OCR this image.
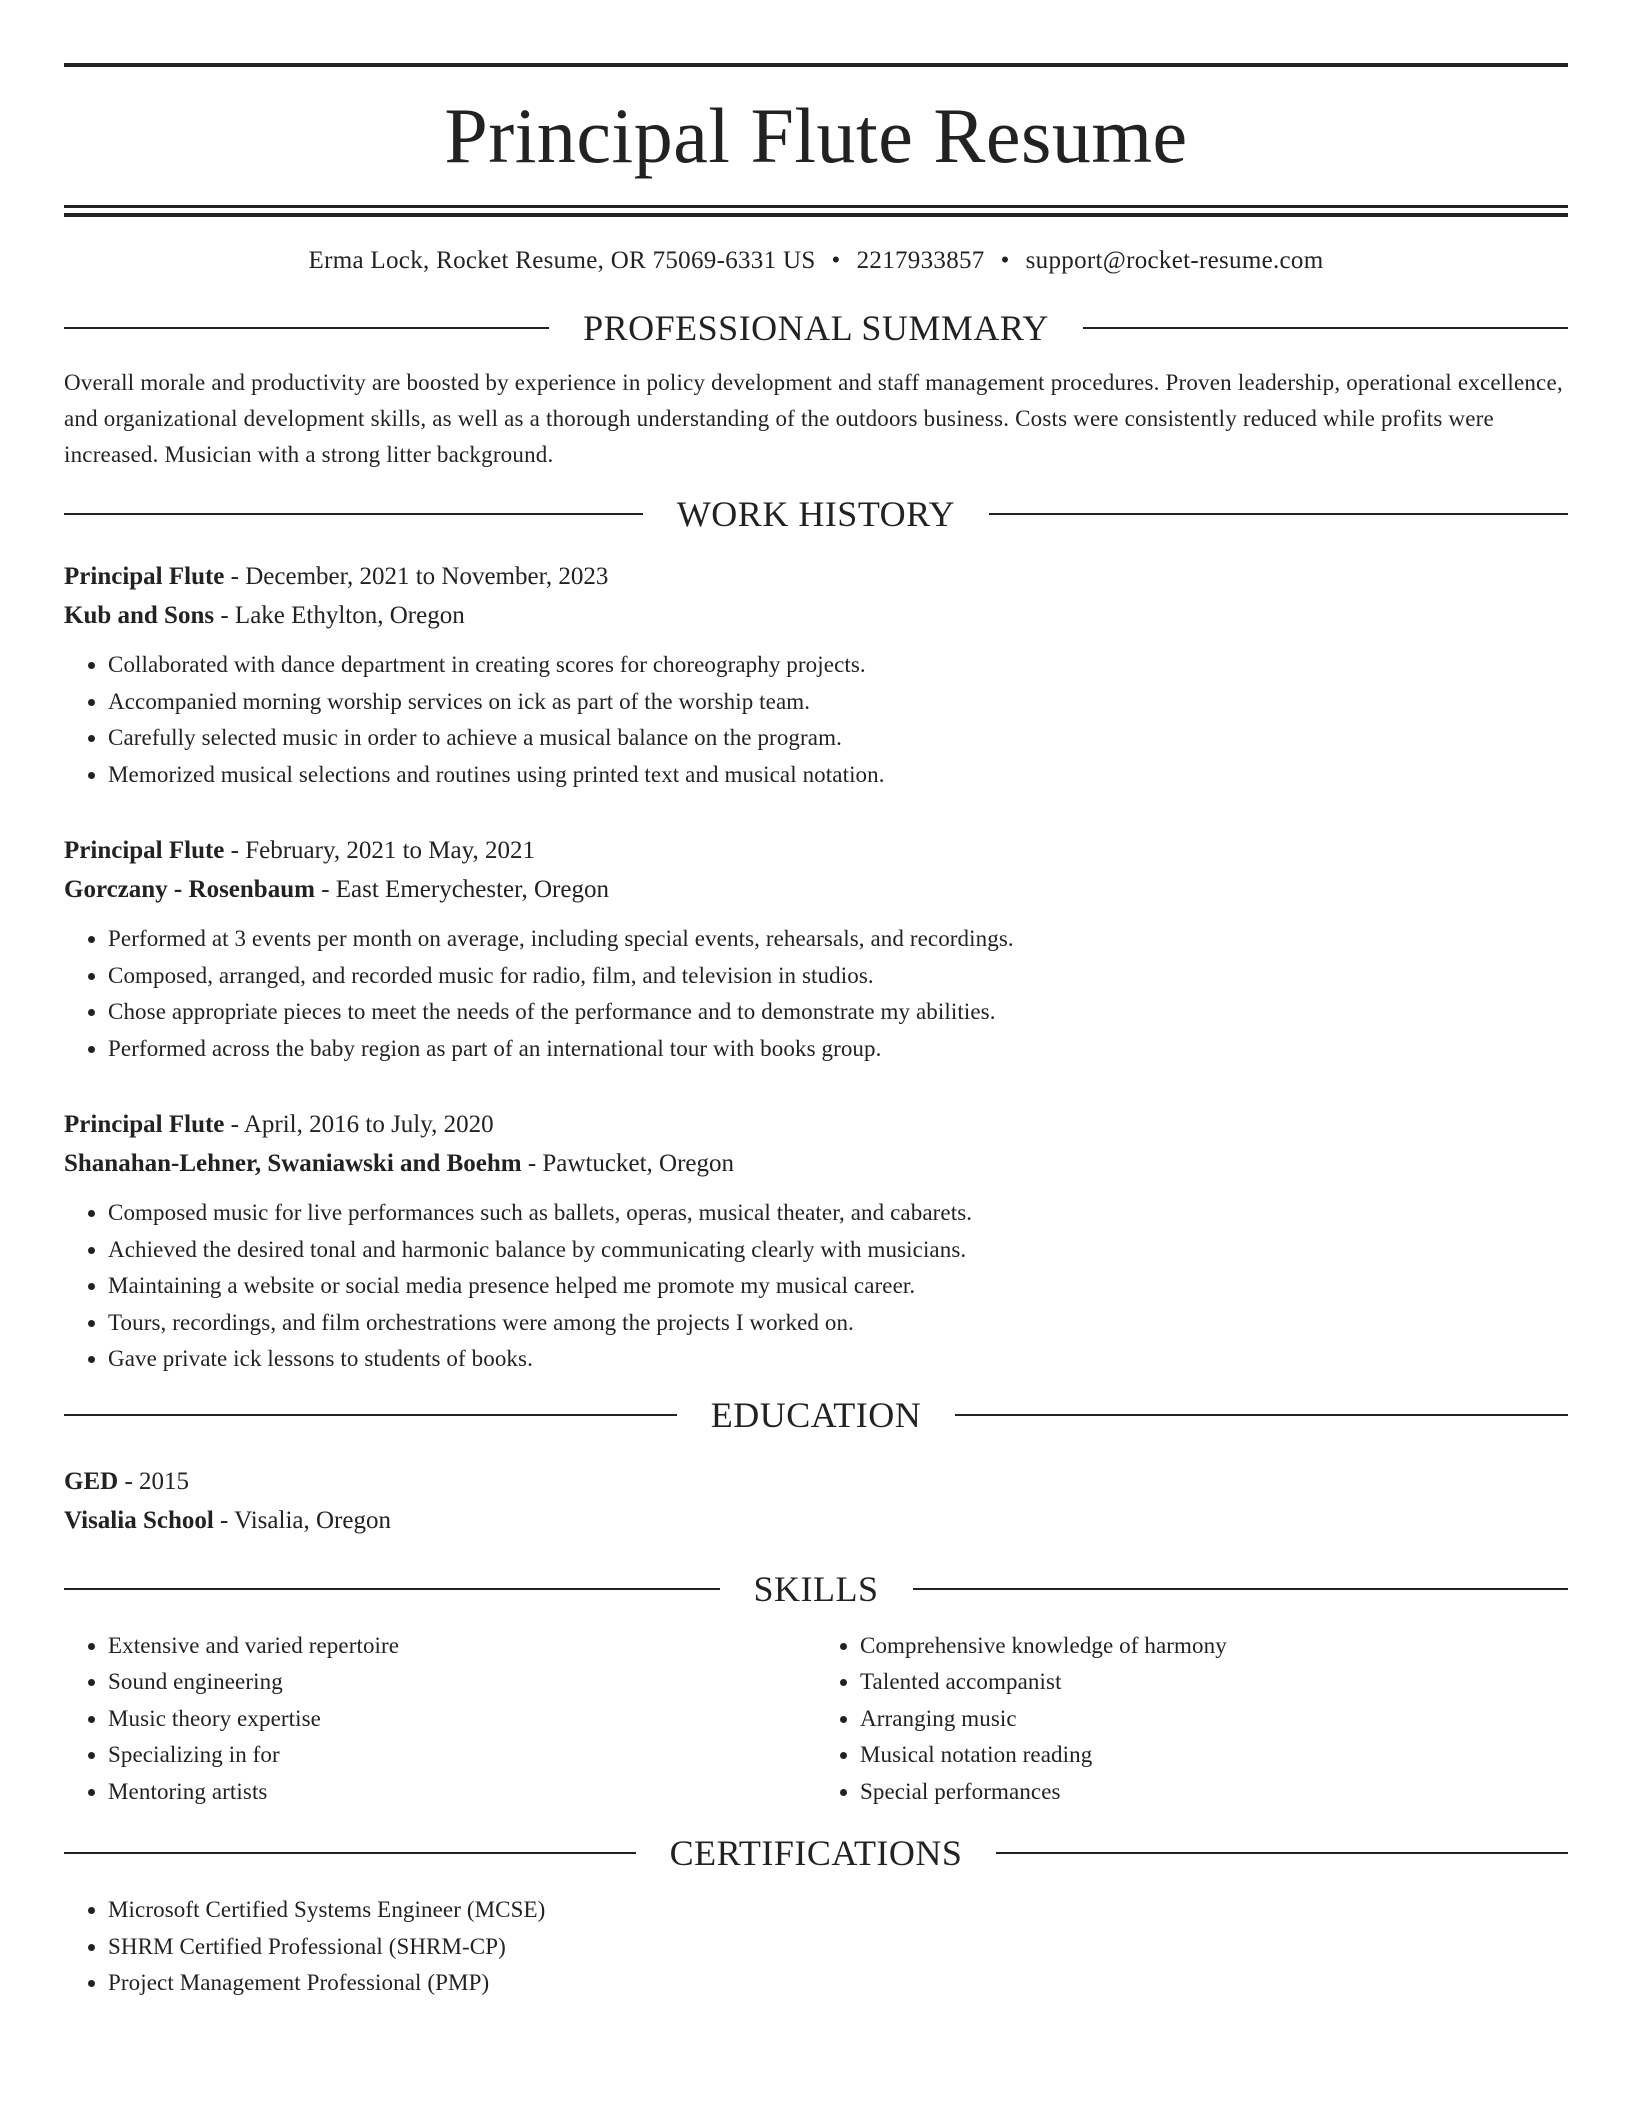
Principal Flute Resume
Erma Lock, Rocket Resume, OR 75069-6331 US • 2217933857 • support@rocket-resume.com
PROFESSIONAL SUMMARY
Overall morale and productivity are boosted by experience in policy development and staff management procedures. Proven leadership, operational excellence, and organizational development skills, as well as a thorough understanding of the outdoors business. Costs were consistently reduced while profits were increased. Musician with a strong litter background.
WORK HISTORY
Principal Flute - December, 2021 to November, 2023
Kub and Sons - Lake Ethylton, Oregon
• Collaborated with dance department in creating scores for choreography projects.
• Accompanied morning worship services on ick as part of the worship team.
• Carefully selected music in order to achieve a musical balance on the program.
• Memorized musical selections and routines using printed text and musical notation.
Principal Flute - February, 2021 to May, 2021
Gorczany - Rosenbaum - East Emerychester, Oregon
• Performed at 3 events per month on average, including special events, rehearsals, and recordings.
• Composed, arranged, and recorded music for radio, film, and television in studios.
• Chose appropriate pieces to meet the needs of the performance and to demonstrate my abilities.
• Performed across the baby region as part of an international tour with books group.
Principal Flute - April, 2016 to July, 2020
Shanahan-Lehner, Swaniawski and Boehm - Pawtucket, Oregon
• Composed music for live performances such as ballets, operas, musical theater, and cabarets.
• Achieved the desired tonal and harmonic balance by communicating clearly with musicians.
• Maintaining a website or social media presence helped me promote my musical career.
• Tours, recordings, and film orchestrations were among the projects I worked on.
• Gave private ick lessons to students of books.
EDUCATION
GED - 2015
Visalia School - Visalia, Oregon
SKILLS
• Extensive and varied repertoire
• Sound engineering
• Music theory expertise
• Specializing in for
• Mentoring artists
• Comprehensive knowledge of harmony
• Talented accompanist
• Arranging music
• Musical notation reading
• Special performances
CERTIFICATIONS
• Microsoft Certified Systems Engineer (MCSE)
• SHRM Certified Professional (SHRM-CP)
• Project Management Professional (PMP)
